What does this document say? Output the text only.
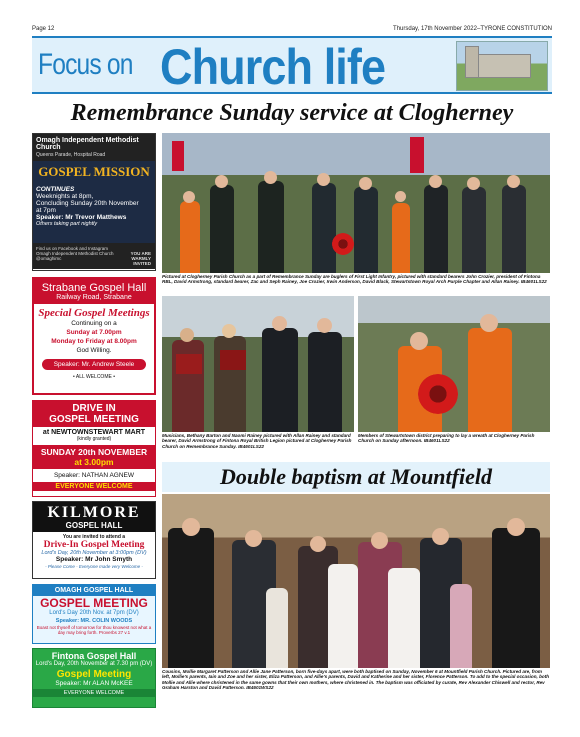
Page 12	Thursday, 17th November 2022–TYRONE CONSTITUTION
Focus on Church life
Remembrance Sunday service at Clogherney
Omagh Independent Methodist Church
Queens Parade, Hospital Road
GOSPEL MISSION
CONTINUES
Weeknights at 8pm,
Concluding Sunday 20th November
at 7pm
Speaker: Mr Trevor Matthews
Others taking part nightly
Find us on Facebook and Instagram
Omagh Independent Methodist Church
@omaghimc
YOU ARE WARMLY INVITED
Strabane Gospel Hall
Railway Road, Strabane
Special Gospel Meetings
Continuing on a
Sunday at 7.00pm
Monday to Friday at 8.00pm
God Willing.
Speaker: Mr. Andrew Steele
• ALL WELCOME •
DRIVE IN
GOSPEL MEETING
at NEWTOWNSTEWART MART
(kindly granted)
SUNDAY 20th NOVEMBER
at 3.00pm
Speaker: NATHAN AGNEW
EVERYONE WELCOME
KILMORE
GOSPEL HALL
You are invited to attend a
Drive-In Gospel Meeting
Lord's Day, 20th November at 3:00pm (DV)
Speaker: Mr John Smyth
- Please Come - Everyone made very Welcome -
OMAGH GOSPEL HALL
GOSPEL MEETING
Lord's Day 20th Nov. at 7pm (DV)
Speaker: MR. COLIN WOODS
Boast not thyself of tomorrow for thou knowest not what a day may bring forth. Proverbs 27 v.1
Fintona Gospel Hall
Lord's Day, 20th November at 7.30 pm (DV)
Gospel Meeting
Speaker: Mr ALAN McKEE
EVERYONE WELCOME
Pictured at Clogherney Parish Church as a part of Remembrance Sunday are buglers of First Light Infantry, pictured with standard bearers John Crozier, president of Fintona RBL, David Armstrong, standard bearer, Zac and Seph Rainey, Joe Crozier, Irwin Anderson, David Black, Stewartstown Royal Arch Purple Chapter and Allan Rainey. IB4601LS22
Musicians, Bethany Barton and Naomi Rainey pictured with Allan Rainey and standard bearer, David Armstrong of Fintona Royal British Legion pictured at Clogherney Parish Church on Remembrance Sunday. IB4601LS22
Members of Stewartstown district preparing to lay a wreath at Clogherney Parish Church on Sunday afternoon. IB4601LS22
Double baptism at Mountfield
Cousins, Mollie Margaret Patterson and Allie Jane Patterson, born five-days apart, were both baptised on Sunday, November 6 at Mountfield Parish Church. Pictured are, from left, Mollie's parents, Iain and Zoe and her sister, Eliza Patterson, and Allie's parents, David and Katherine and her sister, Florence Patterson. To add to the special occasion, both Mollie and Allie where christened in the same gowns that their own mothers, where christened in. The baptism was officiated by curate, Rev Alexander Chiswell and rector, Rev Graham Harston and David Patterson. IB4601WS22
